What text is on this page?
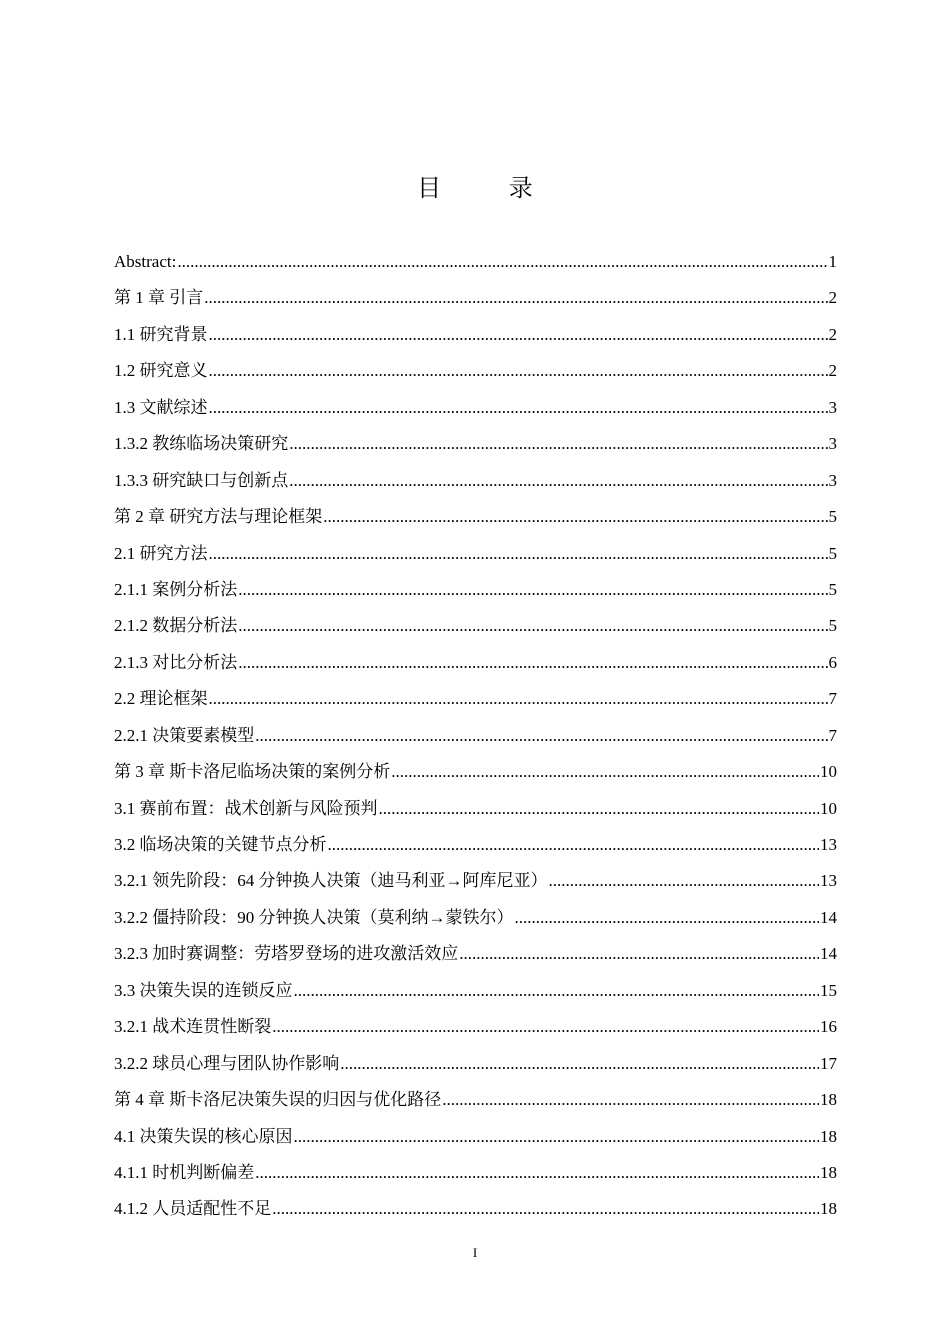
目 录
Abstract: .....	1
第 1 章 引言 .....	2
1.1 研究背景 .....	2
1.2 研究意义 .....	2
1.3 文献综述 .....	3
1.3.2 教练临场决策研究 .....	3
1.3.3 研究缺口与创新点 .....	3
第 2 章 研究方法与理论框架 .....	5
2.1 研究方法 .....	5
2.1.1 案例分析法 .....	5
2.1.2 数据分析法 .....	5
2.1.3 对比分析法 .....	6
2.2 理论框架 .....	7
2.2.1 决策要素模型 .....	7
第 3 章 斯卡洛尼临场决策的案例分析 .....	10
3.1 赛前布置：战术创新与风险预判 .....	10
3.2 临场决策的关键节点分析 .....	13
3.2.1 领先阶段：64 分钟换人决策（迪马利亚→阿库尼亚） .....	13
3.2.2 僵持阶段：90 分钟换人决策（莫利纳→蒙铁尔） .....	14
3.2.3 加时赛调整：劳塔罗登场的进攻激活效应 .....	14
3.3 决策失误的连锁反应 .....	15
3.2.1 战术连贯性断裂 .....	16
3.2.2 球员心理与团队协作影响 .....	17
第 4 章 斯卡洛尼决策失误的归因与优化路径 .....	18
4.1 决策失误的核心原因 .....	18
4.1.1 时机判断偏差 .....	18
4.1.2 人员适配性不足 .....	18
I
